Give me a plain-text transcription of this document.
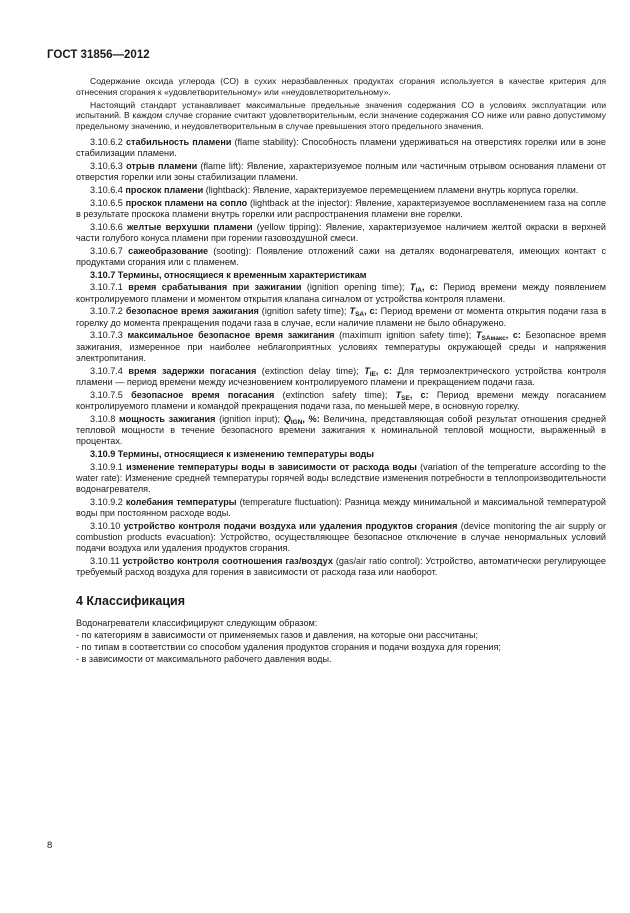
ГОСТ 31856—2012

Содержание оксида углерода (CO) в сухих неразбавленных продуктах сгорания используется в качестве критерия для отнесения сгорания к «удовлетворительному» или «неудовлетворительному».

Настоящий стандарт устанавливает максимальные предельные значения содержания CO в условиях эксплуатации или испытаний. В каждом случае сгорание считают удовлетворительным, если значение содержания CO ниже или равно допустимому предельному значению, и неудовлетворительным в случае превышения этого предельного значения.

3.10.6.2 стабильность пламени (flame stability): Способность пламени удерживаться на отверстиях горелки или в зоне стабилизации пламени.

3.10.6.3 отрыв пламени (flame lift): Явление, характеризуемое полным или частичным отрывом основания пламени от отверстия горелки или зоны стабилизации пламени.

3.10.6.4 проскок пламени (lightback): Явление, характеризуемое перемещением пламени внутрь корпуса горелки.

3.10.6.5 проскок пламени на сопло (lightback at the injector): Явление, характеризуемое воспламенением газа на сопле в результате проскока пламени внутрь горелки или распространения пламени вне горелки.

3.10.6.6 желтые верхушки пламени (yellow tipping): Явление, характеризуемое наличием желтой окраски в верхней части голубого конуса пламени при горении газовоздушной смеси.

3.10.6.7 сажеобразование (sooting): Появление отложений сажи на деталях водонагревателя, имеющих контакт с продуктами сгорания или с пламенем.

3.10.7 Термины, относящиеся к временным характеристикам

3.10.7.1 время срабатывания при зажигании (ignition opening time); $T_{IA}$, с: Период времени между появлением контролируемого пламени и моментом открытия клапана сигналом от устройства контроля пламени.

3.10.7.2 безопасное время зажигания (ignition safety time); $T_{SA}$, с: Период времени от момента открытия подачи газа в горелку до момента прекращения подачи газа в случае, если наличие пламени не было обнаружено.

3.10.7.3 максимальное безопасное время зажигания (maximum ignition safety time); $T_{SAмакс}$, с: Безопасное время зажигания, измеренное при наиболее неблагоприятных условиях температуры окружающей среды и напряжения электропитания.

3.10.7.4 время задержки погасания (extinction delay time); $T_{IE}$, с: Для термоэлектрического устройства контроля пламени — период времени между исчезновением контролируемого пламени и прекращением подачи газа.

3.10.7.5 безопасное время погасания (extinction safety time); $T_{SE}$, с: Период времени между погасанием контролируемого пламени и командой прекращения подачи газа, по меньшей мере, в основную горелку.

3.10.8 мощность зажигания (ignition input); $Q_{IGN}$, %: Величина, представляющая собой результат отношения средней тепловой мощности в течение безопасного времени зажигания к номинальной тепловой мощности, выраженный в процентах.

3.10.9 Термины, относящиеся к изменению температуры воды

3.10.9.1 изменение температуры воды в зависимости от расхода воды (variation of the temperature according to the water rate): Изменение средней температуры горячей воды вследствие изменения потребности в теплопроизводительности водонагревателя.

3.10.9.2 колебания температуры (temperature fluctuation): Разница между минимальной и максимальной температурой воды при постоянном расходе воды.

3.10.10 устройство контроля подачи воздуха или удаления продуктов сгорания (device monitoring the air supply or combustion products evacuation): Устройство, осуществляющее безопасное отключение в случае ненормальных условий подачи воздуха или удаления продуктов сгорания.

3.10.11 устройство контроля соотношения газ/воздух (gas/air ratio control): Устройство, автоматически регулирующее требуемый расход воздуха для горения в зависимости от расхода газа или наоборот.

4 Классификация

Водонагреватели классифицируют следующим образом:

- по категориям в зависимости от применяемых газов и давления, на которые они рассчитаны;

- по типам в соответствии со способом удаления продуктов сгорания и подачи воздуха для горения;

- в зависимости от максимального рабочего давления воды.

8
